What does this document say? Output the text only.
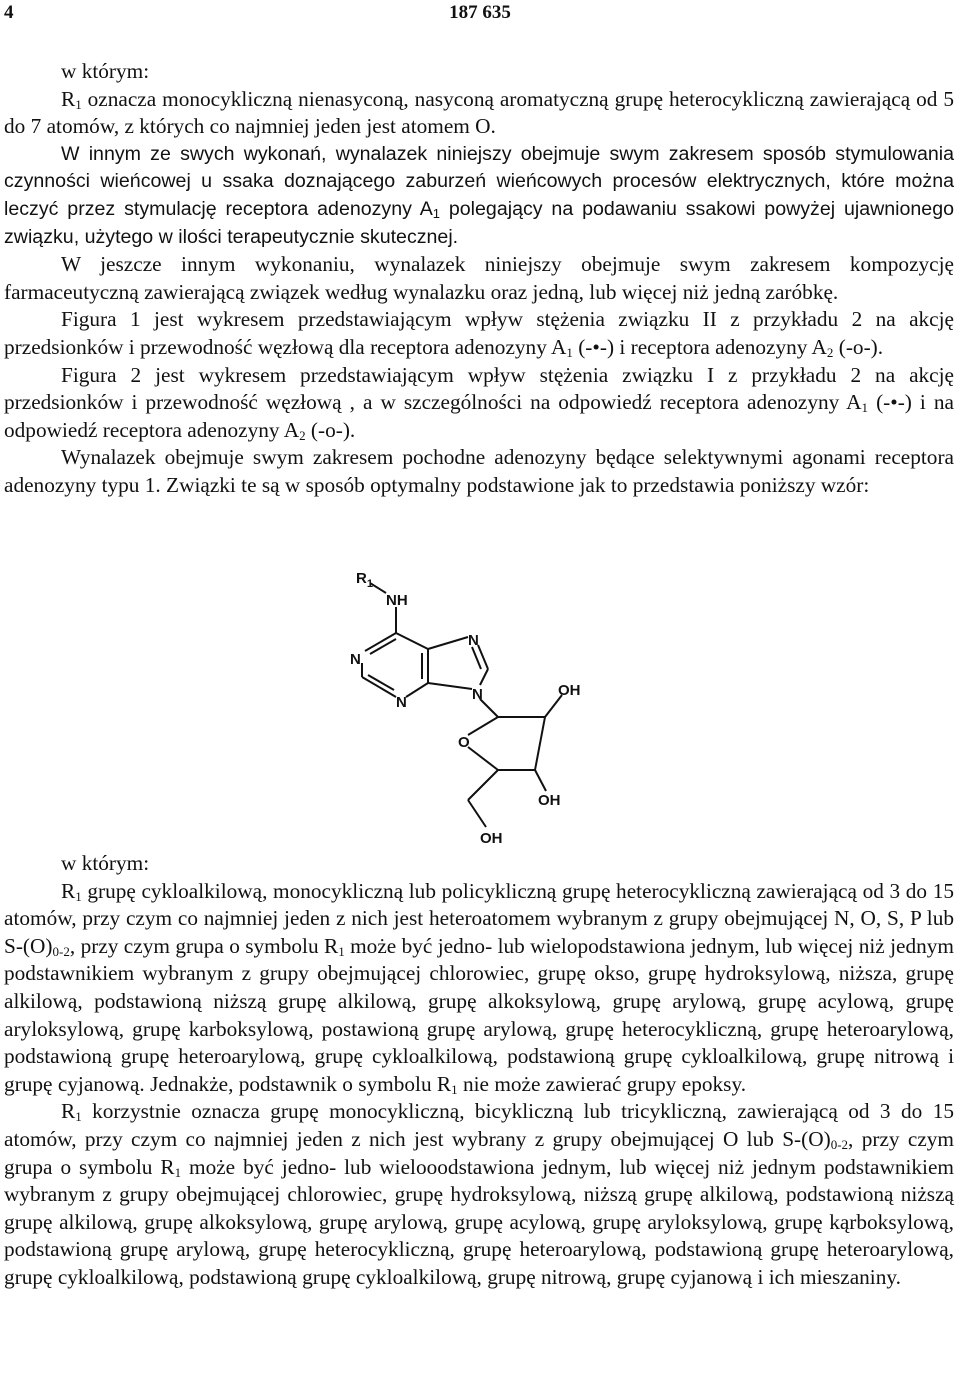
4	187 635

w którym:

$R_1$ oznacza monocykliczną nienasyconą, nasyconą aromatyczną grupę heterocykliczną zawierającą od 5 do 7 atomów, z których co najmniej jeden jest atomem O.

W innym ze swych wykonań, wynalazek niniejszy obejmuje swym zakresem sposób stymulowania czynności wieńcowej u ssaka doznającego zaburzeń wieńcowych procesów elektrycznych, które można leczyć przez stymulację receptora adenozyny $A_1$ polegający na podawaniu ssakowi powyżej ujawnionego związku, użytego w ilości terapeutycznie skutecznej.

W jeszcze innym wykonaniu, wynalazek niniejszy obejmuje swym zakresem kompozycję farmaceutyczną zawierającą związek według wynalazku oraz jedną, lub więcej niż jedną zaróbkę.

Figura 1 jest wykresem przedstawiającym wpływ stężenia związku II z przykładu 2 na akcję przedsionków i przewodność węzłową dla receptora adenozyny $A_1$ (-•-) i receptora adenozyny $A_2$ (-o-).

Figura 2 jest wykresem przedstawiającym wpływ stężenia związku I z przykładu 2 na akcję przedsionków i przewodność węzłową , a w szczególności na odpowiedź receptora adenozyny $A_1$ (-•-) i na odpowiedź receptora adenozyny $A_2$ (-o-).

Wynalazek obejmuje swym zakresem pochodne adenozyny będące selektywnymi agonami receptora adenozyny typu 1. Związki te są w sposób optymalny podstawione jak to przedstawia poniższy wzór:

$R_1$
NH
N
N
N
N
O
OH
OH
OH

w którym:

$R_1$ grupę cykloalkilową, monocykliczną lub policykliczną grupę heterocykliczną zawierającą od 3 do 15 atomów, przy czym co najmniej jeden z nich jest heteroatomem wybranym z grupy obejmującej N, O, S, P lub $S-(O)_{0-2}$, przy czym grupa o symbolu $R_1$ może być jedno- lub wielopodstawiona jednym, lub więcej niż jednym podstawnikiem wybranym z grupy obejmującej chlorowiec, grupę okso, grupę hydroksylową, niższa, grupę alkilową, podstawioną niższą grupę alkilową, grupę alkoksylową, grupę arylową, grupę acylową, grupę aryloksylową, grupę karboksylową, postawioną grupę arylową, grupę heterocykliczną, grupę heteroarylową, podstawioną grupę heteroarylową, grupę cykloalkilową, podstawioną grupę cykloalkilową, grupę nitrową i grupę cyjanową. Jednakże, podstawnik o symbolu $R_1$ nie może zawierać grupy epoksy.

$R_1$ korzystnie oznacza grupę monocykliczną, bicykliczną lub tricykliczną, zawierającą od 3 do 15 atomów, przy czym co najmniej jeden z nich jest wybrany z grupy obejmującej O lub $S-(O)_{0-2}$, przy czym grupa o symbolu $R_1$ może być jedno- lub wielooodstawiona jednym, lub więcej niż jednym podstawnikiem wybranym z grupy obejmującej chlorowiec, grupę hydroksylową, niższą grupę alkilową, podstawioną niższą grupę alkilową, grupę alkoksylową, grupę arylową, grupę acylową, grupę aryloksylową, grupę kąrboksylową, podstawioną grupę arylową, grupę heterocykliczną, grupę heteroarylową, podstawioną grupę heteroarylową, grupę cykloalkilową, podstawioną grupę cykloalkilową, grupę nitrową, grupę cyjanową i ich mieszaniny.
